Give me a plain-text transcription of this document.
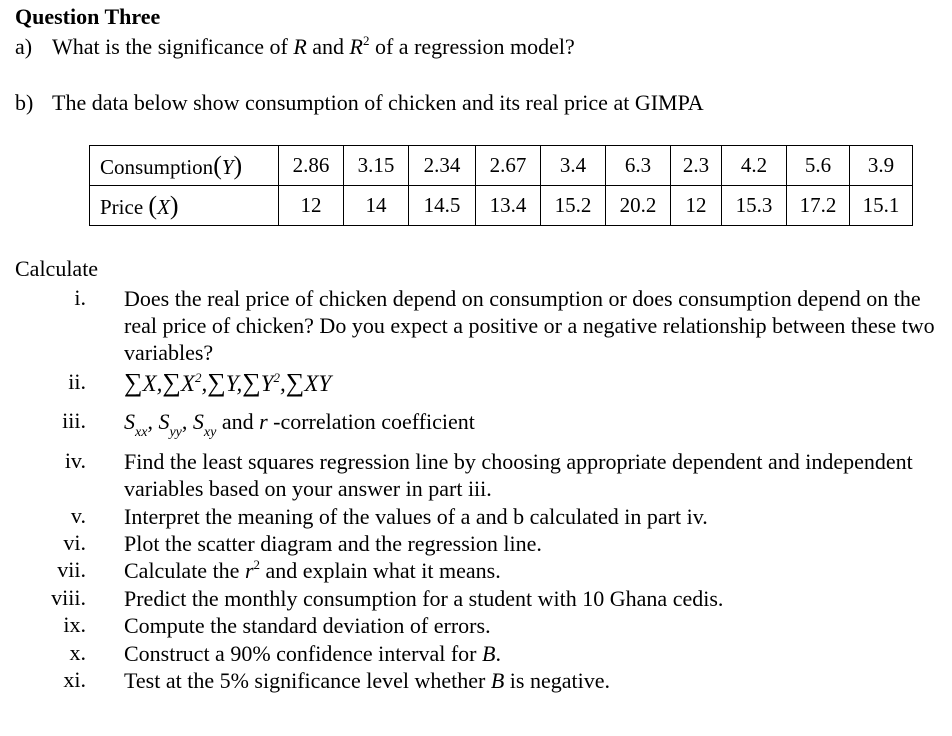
Question Three
a) What is the significance of R and $R^2$ of a regression model?
b) The data below show consumption of chicken and its real price at GIMPA
Consumption(Y)	2.86	3.15	2.34	2.67	3.4	6.3	2.3	4.2	5.6	3.9
Price (X)	12	14	14.5	13.4	15.2	20.2	12	15.3	17.2	15.1
Calculate
i. Does the real price of chicken depend on consumption or does consumption depend on the real price of chicken? Do you expect a positive or a negative relationship between these two variables?
ii. $\sum X,\sum X^2,\sum Y,\sum Y^2,\sum XY$
iii. $S_{xx}$, $S_{yy}$, $S_{xy}$ and r -correlation coefficient
iv. Find the least squares regression line by choosing appropriate dependent and independent variables based on your answer in part iii.
v. Interpret the meaning of the values of a and b calculated in part iv.
vi. Plot the scatter diagram and the regression line.
vii. Calculate the $r^2$ and explain what it means.
viii. Predict the monthly consumption for a student with 10 Ghana cedis.
ix. Compute the standard deviation of errors.
x. Construct a 90% confidence interval for B.
xi. Test at the 5% significance level whether B is negative.
